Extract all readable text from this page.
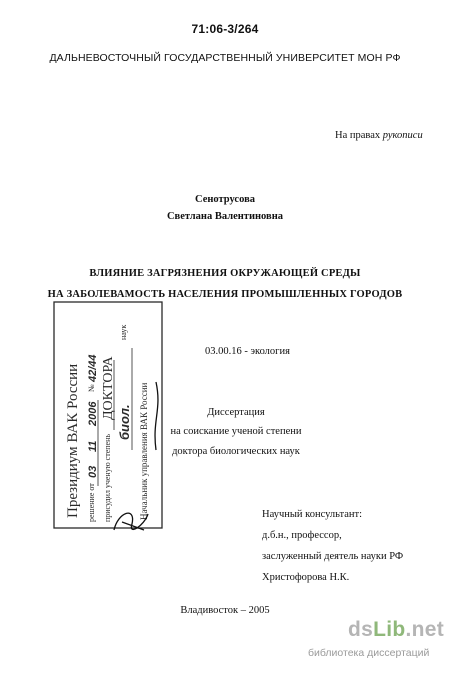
71:06-3/264
ДАЛЬНЕВОСТОЧНЫЙ ГОСУДАРСТВЕННЫЙ УНИВЕРСИТЕТ МОН РФ
На правах рукописи
Сенотрусова
Светлана Валентиновна
ВЛИЯНИЕ ЗАГРЯЗНЕНИЯ ОКРУЖАЮЩЕЙ СРЕДЫ
НА ЗАБОЛЕВАМОСТЬ НАСЕЛЕНИЯ ПРОМЫШЛЕННЫХ ГОРОДОВ
03.00.16 - экология
Диссертация
на соискание ученой степени
доктора биологических наук
Научный консультант:
д.б.н., профессор,
заслуженный деятель науки РФ
Христофорова Н.К.
Владивосток – 2005
Президиум ВАК России решение от
03
11
2006
№
42/44
присудил ученую степень
ДОКТОРА
биол.
наук
Начальник управления ВАК России
dsLib.net
библиотека диссертаций
